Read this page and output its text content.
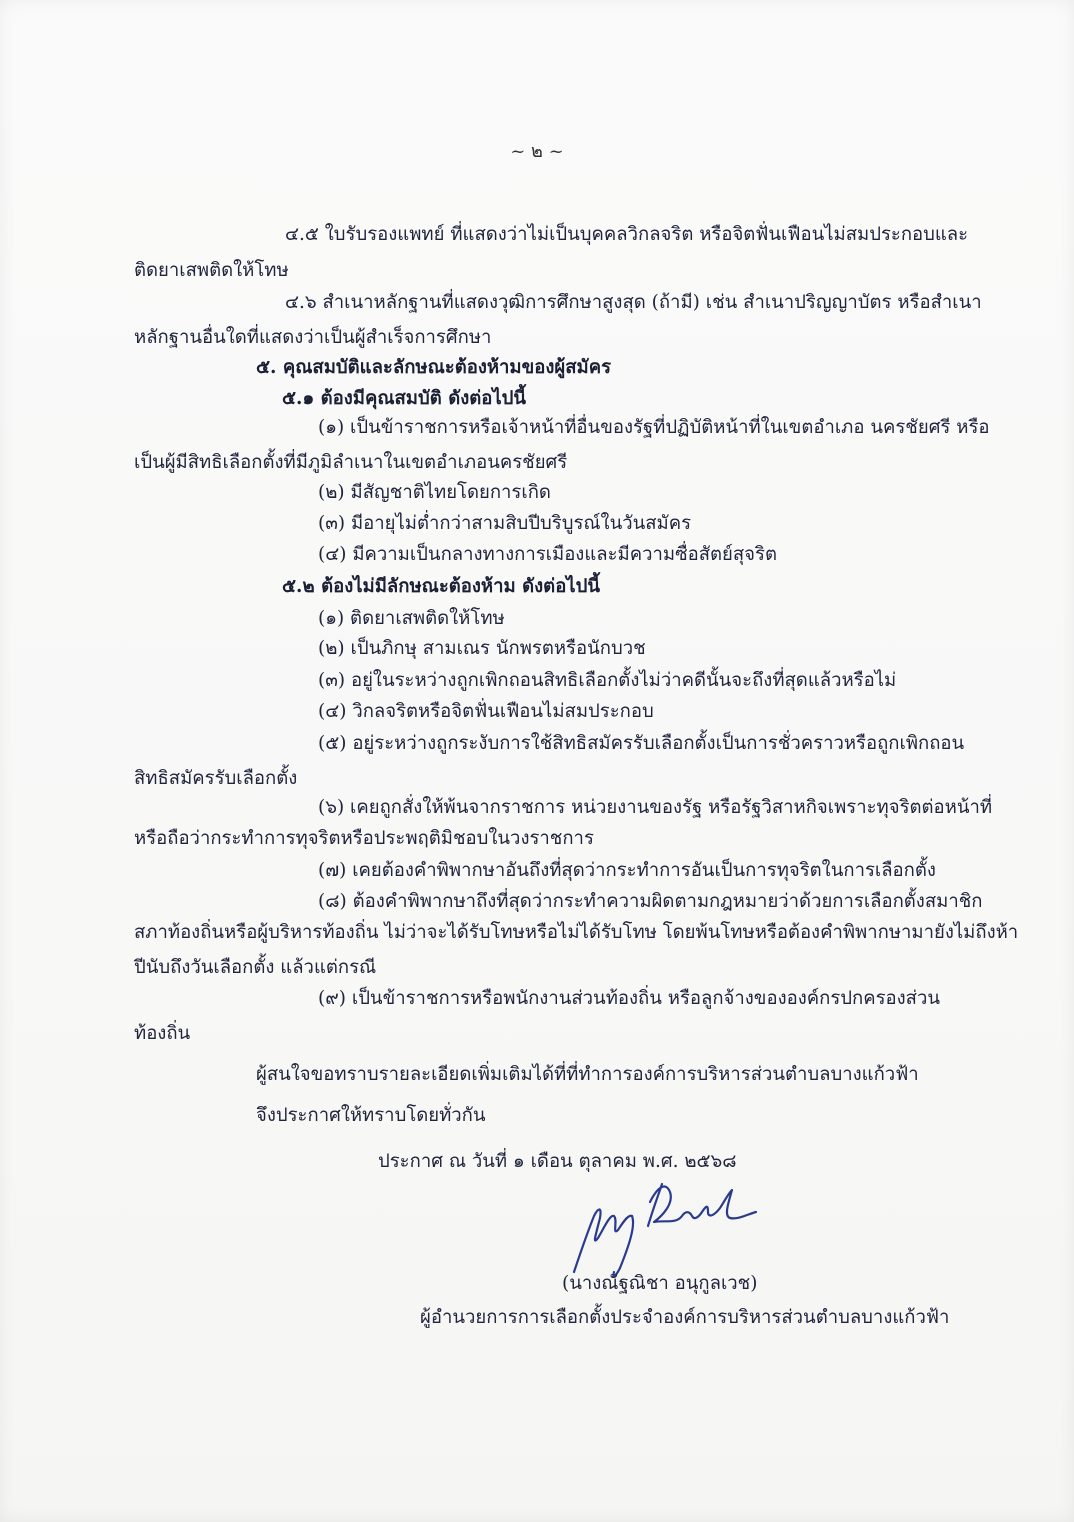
~ ๒ ~
๔.๕ ใบรับรองแพทย์ ที่แสดงว่าไม่เป็นบุคคลวิกลจริต หรือจิตฟั่นเฟือนไม่สมประกอบและ
ติดยาเสพติดให้โทษ
๔.๖ สำเนาหลักฐานที่แสดงวุฒิการศึกษาสูงสุด (ถ้ามี) เช่น สำเนาปริญญาบัตร หรือสำเนา
หลักฐานอื่นใดที่แสดงว่าเป็นผู้สำเร็จการศึกษา
๕. คุณสมบัติและลักษณะต้องห้ามของผู้สมัคร
๕.๑ ต้องมีคุณสมบัติ ดังต่อไปนี้
(๑) เป็นข้าราชการหรือเจ้าหน้าที่อื่นของรัฐที่ปฏิบัติหน้าที่ในเขตอำเภอ นครชัยศรี หรือ
เป็นผู้มีสิทธิเลือกตั้งที่มีภูมิลำเนาในเขตอำเภอนครชัยศรี
(๒) มีสัญชาติไทยโดยการเกิด
(๓) มีอายุไม่ต่ำกว่าสามสิบปีบริบูรณ์ในวันสมัคร
(๔) มีความเป็นกลางทางการเมืองและมีความซื่อสัตย์สุจริต
๕.๒ ต้องไม่มีลักษณะต้องห้าม ดังต่อไปนี้
(๑) ติดยาเสพติดให้โทษ
(๒) เป็นภิกษุ สามเณร นักพรตหรือนักบวช
(๓) อยู่ในระหว่างถูกเพิกถอนสิทธิเลือกตั้งไม่ว่าคดีนั้นจะถึงที่สุดแล้วหรือไม่
(๔) วิกลจริตหรือจิตฟั่นเฟือนไม่สมประกอบ
(๕) อยู่ระหว่างถูกระงับการใช้สิทธิสมัครรับเลือกตั้งเป็นการชั่วคราวหรือถูกเพิกถอน
สิทธิสมัครรับเลือกตั้ง
(๖) เคยถูกสั่งให้พ้นจากราชการ หน่วยงานของรัฐ หรือรัฐวิสาหกิจเพราะทุจริตต่อหน้าที่
หรือถือว่ากระทำการทุจริตหรือประพฤติมิชอบในวงราชการ
(๗) เคยต้องคำพิพากษาอันถึงที่สุดว่ากระทำการอันเป็นการทุจริตในการเลือกตั้ง
(๘) ต้องคำพิพากษาถึงที่สุดว่ากระทำความผิดตามกฎหมายว่าด้วยการเลือกตั้งสมาชิก
สภาท้องถิ่นหรือผู้บริหารท้องถิ่น ไม่ว่าจะได้รับโทษหรือไม่ได้รับโทษ โดยพ้นโทษหรือต้องคำพิพากษามายังไม่ถึงห้า
ปีนับถึงวันเลือกตั้ง แล้วแต่กรณี
(๙) เป็นข้าราชการหรือพนักงานส่วนท้องถิ่น หรือลูกจ้างขององค์กรปกครองส่วน
ท้องถิ่น
ผู้สนใจขอทราบรายละเอียดเพิ่มเติมได้ที่ที่ทำการองค์การบริหารส่วนตำบลบางแก้วฟ้า
จึงประกาศให้ทราบโดยทั่วกัน
ประกาศ ณ วันที่ ๑ เดือน ตุลาคม พ.ศ. ๒๕๖๘
(นางณัฐณิชา อนุกูลเวช)
ผู้อำนวยการการเลือกตั้งประจำองค์การบริหารส่วนตำบลบางแก้วฟ้า
